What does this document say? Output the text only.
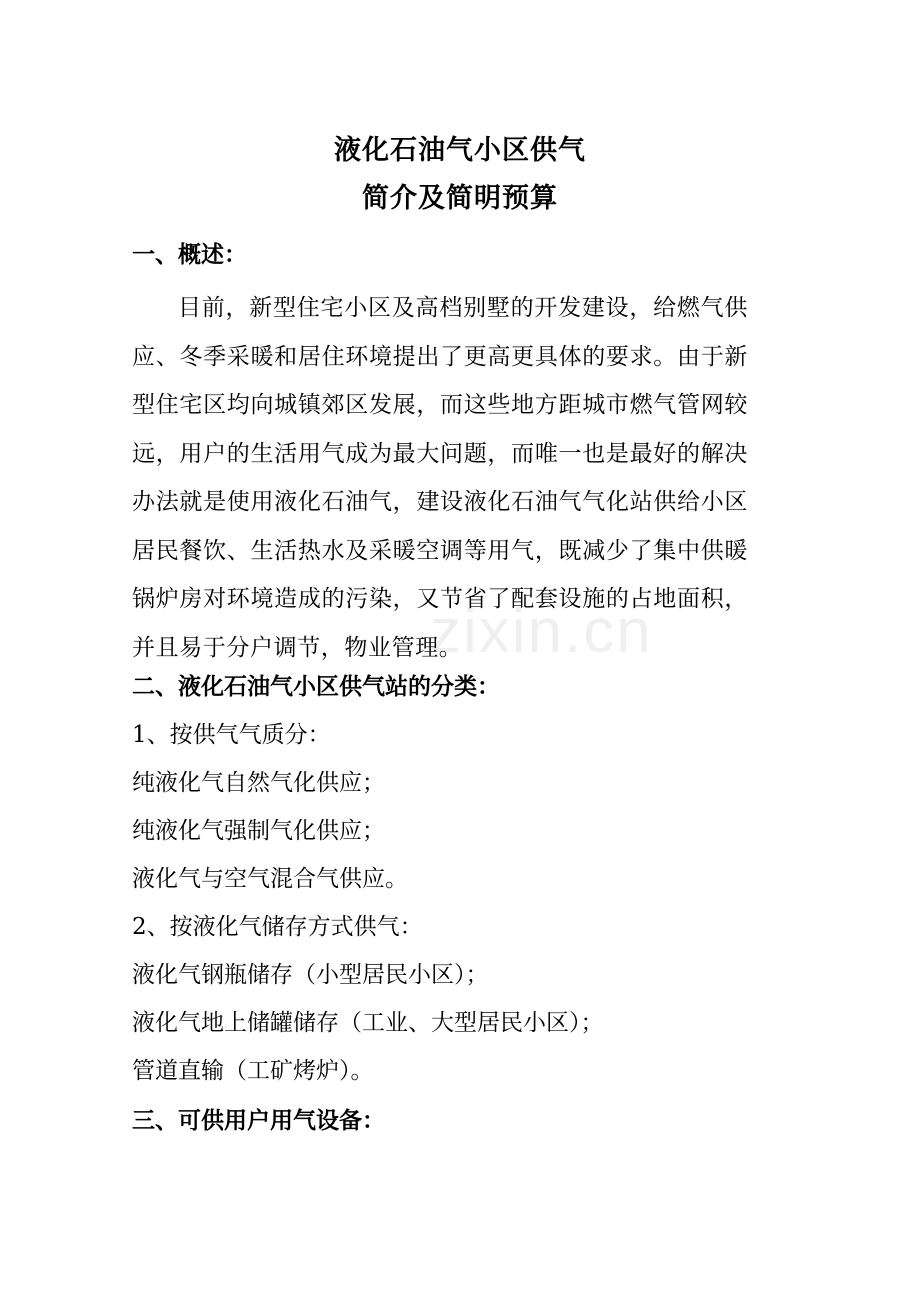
液化石油气小区供气
简介及简明预算
一、概述：
目前，新型住宅小区及高档别墅的开发建设，给燃气供应、冬季采暖和居住环境提出了更高更具体的要求。由于新型住宅区均向城镇郊区发展，而这些地方距城市燃气管网较远，用户的生活用气成为最大问题，而唯一也是最好的解决办法就是使用液化石油气，建设液化石油气气化站供给小区居民餐饮、生活热水及采暖空调等用气，既减少了集中供暖锅炉房对环境造成的污染，又节省了配套设施的占地面积，并且易于分户调节，物业管理。
二、液化石油气小区供气站的分类：
1、按供气气质分：
纯液化气自然气化供应；
纯液化气强制气化供应；
液化气与空气混合气供应。
2、按液化气储存方式供气：
液化气钢瓶储存（小型居民小区）；
液化气地上储罐储存（工业、大型居民小区）；
管道直输（工矿烤炉）。
三、可供用户用气设备：
zixin.cn
